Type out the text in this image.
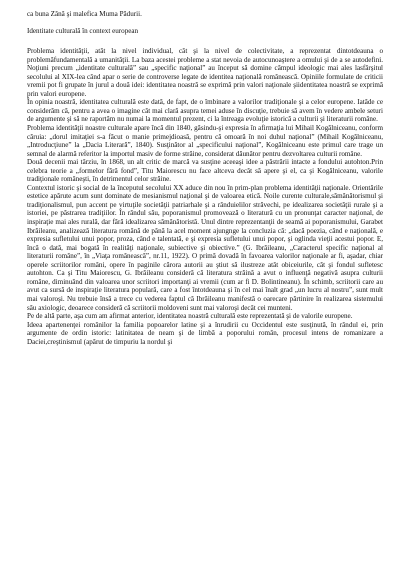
ca buna Zână şi malefica Muma Pădurii.

Identitate culturală în context european

Problema identităţii, atât la nivel individual, cât şi la nivel de colectivitate, a reprezentat dintotdeauna o problemăfundamentală a umanităţii. La baza acestei probleme a stat nevoia de autocunoaştere a omului şi de a se autodefini. Noţiuni precum „identitate culturală” sau „specific naţional” au început să domine câmpul ideologic mai ales lasfârşitul secolului al XIX-lea când apar o serie de controverse legate de identitea naţională românească. Opiniile formulate de criticii vremii pot fi grupate în jurul a două idei: identitatea noastră se exprimă prin valori naţionale şiidentitatea noastră se exprimă prin valori europene.

În opinia noastră, identitatea culturală este dată, de fapt, de o îmbinare a valorilor tradiţionale şi a celor europene. Iatăde ce considerăm că, pentru a avea o imagine cât mai clară asupra temei aduse în discuţie, trebuie să avem în vedere ambele seturi de argumente şi să ne raportăm nu numai la momentul prezent, ci la întreaga evoluţie istorică a culturii şi literaturii române.

Problema identităţii noastre culturale apare încă din 1840, găsindu-şi expresia în afirmaţia lui Mihail Kogălniceanu, conform căruia: „dorul imitaţiei s-a făcut o manie primejdioasă, pentru că omoară în noi duhul naţional” (Mihail Kogălniceanu, „Introducţiune” la „Dacia Literară”, 1840). Susţinător al „specificului naţional”, Kogălniceanu este primul care trage un semnal de alarmă referitor la importul masiv de forme străine, considerat dăunător pentru dezvoltarea culturii române.

Două decenii mai târziu, în 1868, un alt critic de marcă va susţine aceeaşi idee a păstrării intacte a fondului autohton.Prin celebra teorie a „formelor fără fond”, Titu Maiorescu nu face altceva decât să apere şi el, ca şi Kogălniceanu, valorile tradiţionale româneşti, în detrimentul celor străine.

Contextul istoric şi social de la începutul secolului XX aduce din nou în prim-plan problema identităţii naţionale. Orientările estetice apărute acum sunt dominate de mesianismul naţional şi de valoarea etică. Noile curente culturale,sămănătorismul şi tradiţionalismul, pun accent pe virtuţile societăţii patriarhale şi a rânduielilor străvechi, pe idealizarea societăţii rurale şi a istoriei, pe păstrarea tradiţiilor. În rândul său, poporanismul promovează o literatură cu un pronunţat caracter naţional, de inspiraţie mai ales rurală, dar fără idealizarea sămănătoristă. Unul dintre reprezentanţii de seamă ai poporanismului, Garabet Ibrăileanu, analizează literatura română de până la acel moment ajungnge la concluzia că: „dacă poezia, când e naţională, e expresia sufletului unui popor, proza, când e talentată, e şi expresia sufletului unui popor, şi oglinda vieţii acestui popor. E, încă o dată, mai bogată în realităţi naţionale, subiective şi obiective.” (G. Ibrăileanu, „Caracterul specific naţional al literaturii române”, în „Viaţa românească”, nr.11, 1922). O primă dovadă în favoarea valorilor naţionale ar fi, aşadar, chiar operele scriitorilor români, opere în paginile cărora autorii au ştiut să ilustreze atât obiceiurile, cât şi fondul sufletesc autohton. Ca şi Titu Maiorescu, G. Ibrăileanu consideră că literatura străină a avut o influenţă negativă asupra culturii române, diminuând din valoarea unor scriitori importanţi ai vremii (cum ar fi D. Bolintineanu). În schimb, scriitorii care au avut ca sursă de inspiraţie literatura populară, care a fost întotdeauna şi în cel mai înalt grad „un lucru al nostru”, sunt mult mai valoroşi. Nu trebuie însă a trece cu vederea faptul că Ibrăileanu manifestă o oarecare părtinire în realizarea sistemului său axiologic, deoarece consideră că scriitorii moldoveni sunt mai valoroşi decât cei munteni.

Pe de altă parte, aşa cum am afirmat anterior, identitatea noastră culturală este reprezentată şi de valorile europene.

Ideea apartenenţei românilor la familia popoarelor latine şi a înrudirii cu Occidentul este susţinută, în rândul ei, prin argumente de ordin istoric: latinitatea de neam şi de limbă a poporului român, procesul intens de romanizare a Daciei,creştinismul (apărut de timpuriu la nordul şi
